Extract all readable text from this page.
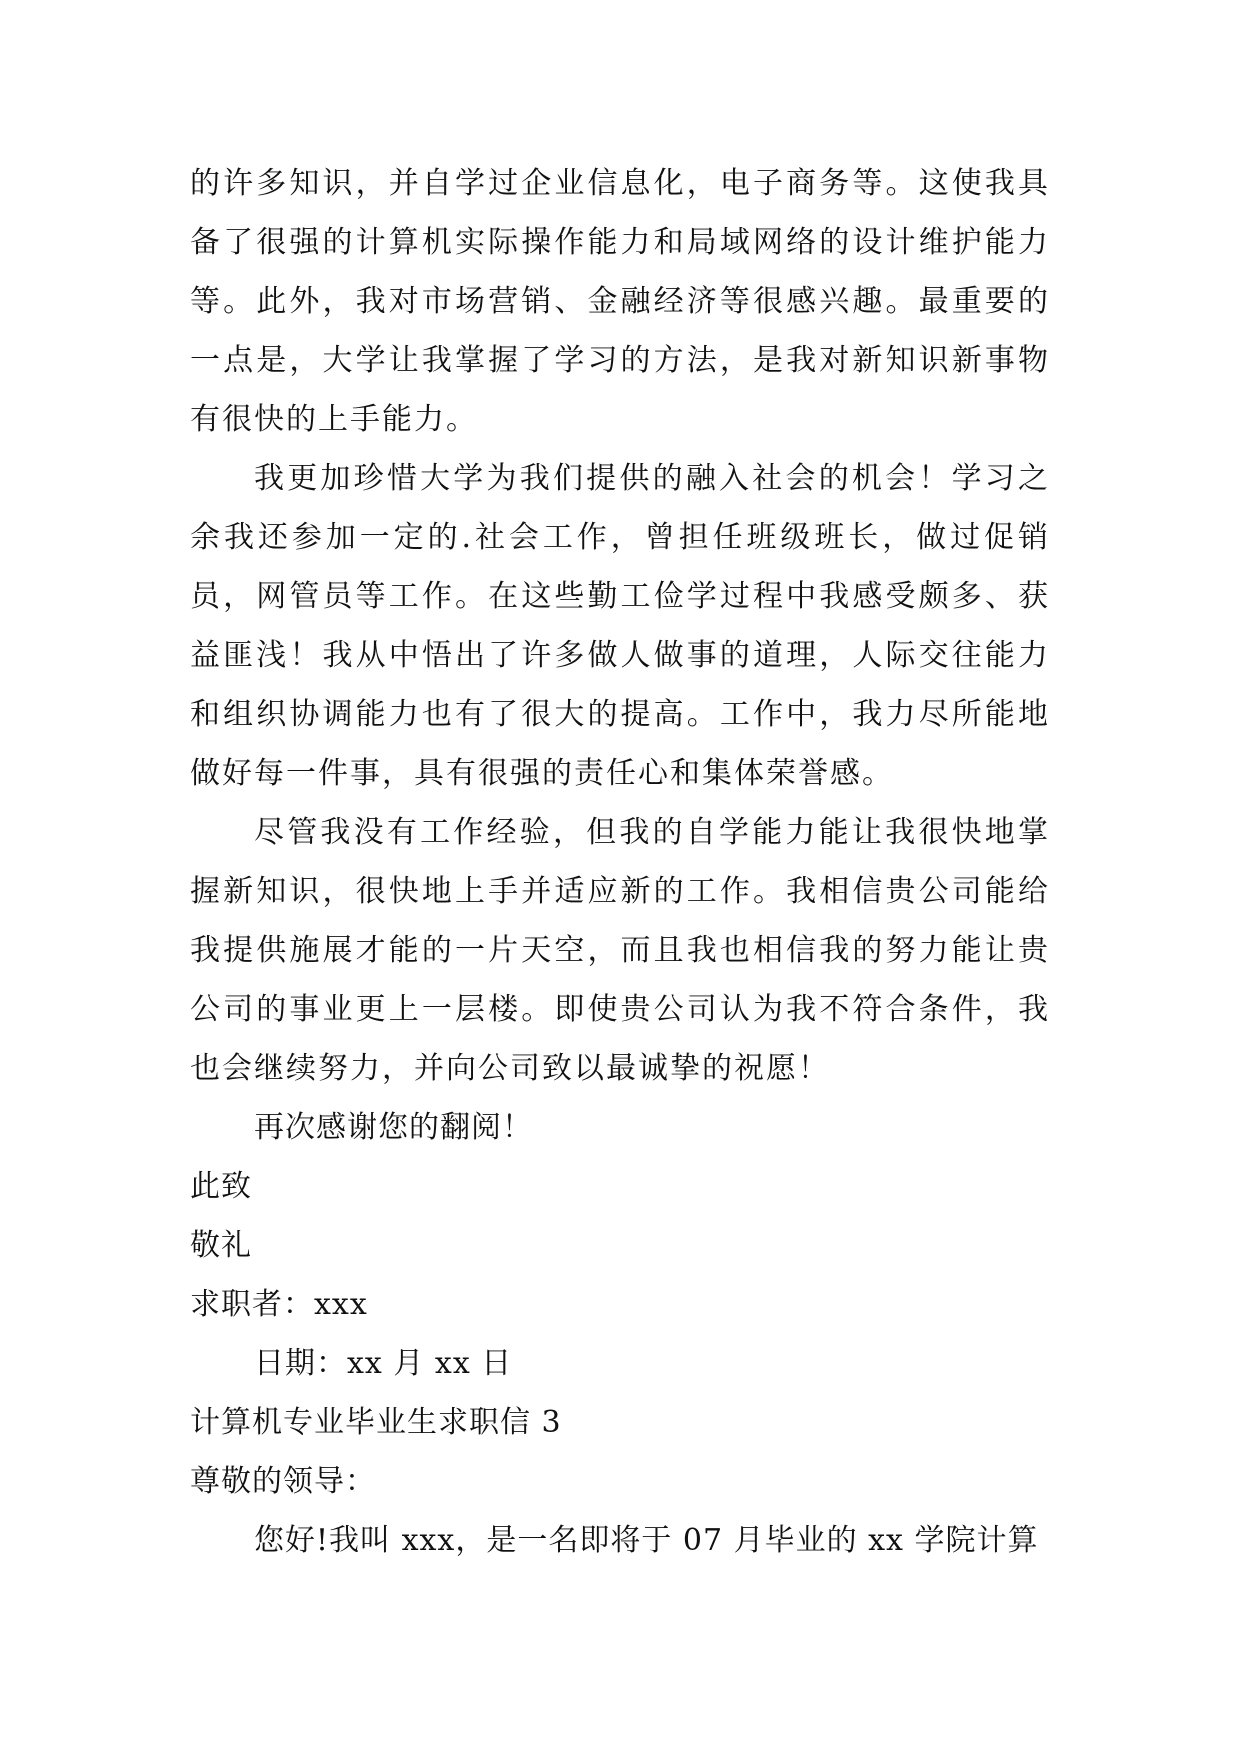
的许多知识，并自学过企业信息化，电子商务等。这使我具备了很强的计算机实际操作能力和局域网络的设计维护能力等。此外，我对市场营销、金融经济等很感兴趣。最重要的一点是，大学让我掌握了学习的方法，是我对新知识新事物有很快的上手能力。

我更加珍惜大学为我们提供的融入社会的机会！学习之余我还参加一定的.社会工作，曾担任班级班长，做过促销员，网管员等工作。在这些勤工俭学过程中我感受颇多、获益匪浅！我从中悟出了许多做人做事的道理，人际交往能力和组织协调能力也有了很大的提高。工作中，我力尽所能地做好每一件事，具有很强的责任心和集体荣誉感。

尽管我没有工作经验，但我的自学能力能让我很快地掌握新知识，很快地上手并适应新的工作。我相信贵公司能给我提供施展才能的一片天空，而且我也相信我的努力能让贵公司的事业更上一层楼。即使贵公司认为我不符合条件，我也会继续努力，并向公司致以最诚挚的祝愿！

再次感谢您的翻阅！

此致

敬礼

求职者：xxx

日期：xx 月 xx 日

计算机专业毕业生求职信 3

尊敬的领导：

您好!我叫 xxx，是一名即将于 07 月毕业的 xx 学院计算
